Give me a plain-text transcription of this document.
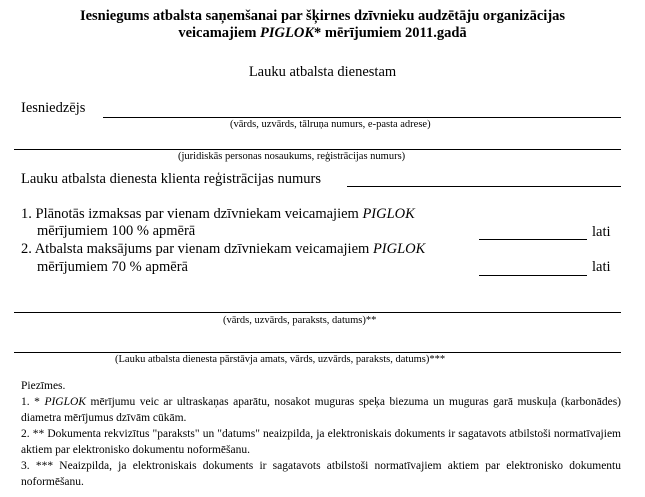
Iesniegums atbalsta saņemšanai par šķirnes dzīvnieku audzētāju organizācijas
veicamajiem PIGLOK* mērījumiem 2011.gadā
Lauku atbalsta dienestam
Iesniedzējs
(vārds, uzvārds, tālruņa numurs, e-pasta adrese)
(juridiskās personas nosaukums, reģistrācijas numurs)
Lauku atbalsta dienesta klienta reģistrācijas numurs
1. Plānotās izmaksas par vienam dzīvniekam veicamajiem PIGLOK
mērījumiem 100 % apmērā	lati
2. Atbalsta maksājums par vienam dzīvniekam veicamajiem PIGLOK
mērījumiem 70 % apmērā	lati
(vārds, uzvārds, paraksts, datums)**
(Lauku atbalsta dienesta pārstāvja amats, vārds, uzvārds, paraksts, datums)***

Piezīmes.

1. * PIGLOK mērījumu veic ar ultraskaņas aparātu, nosakot muguras speķa biezuma un muguras garā muskuļa (karbonādes) diametra mērījumus dzīvām cūkām.

2. ** Dokumenta rekvizītus "paraksts" un "datums" neaizpilda, ja elektroniskais dokuments ir sagatavots atbilstoši normatīvajiem aktiem par elektronisko dokumentu noformēšanu.

3. *** Neaizpilda, ja elektroniskais dokuments ir sagatavots atbilstoši normatīvajiem aktiem par elektronisko dokumentu noformēšanu.
